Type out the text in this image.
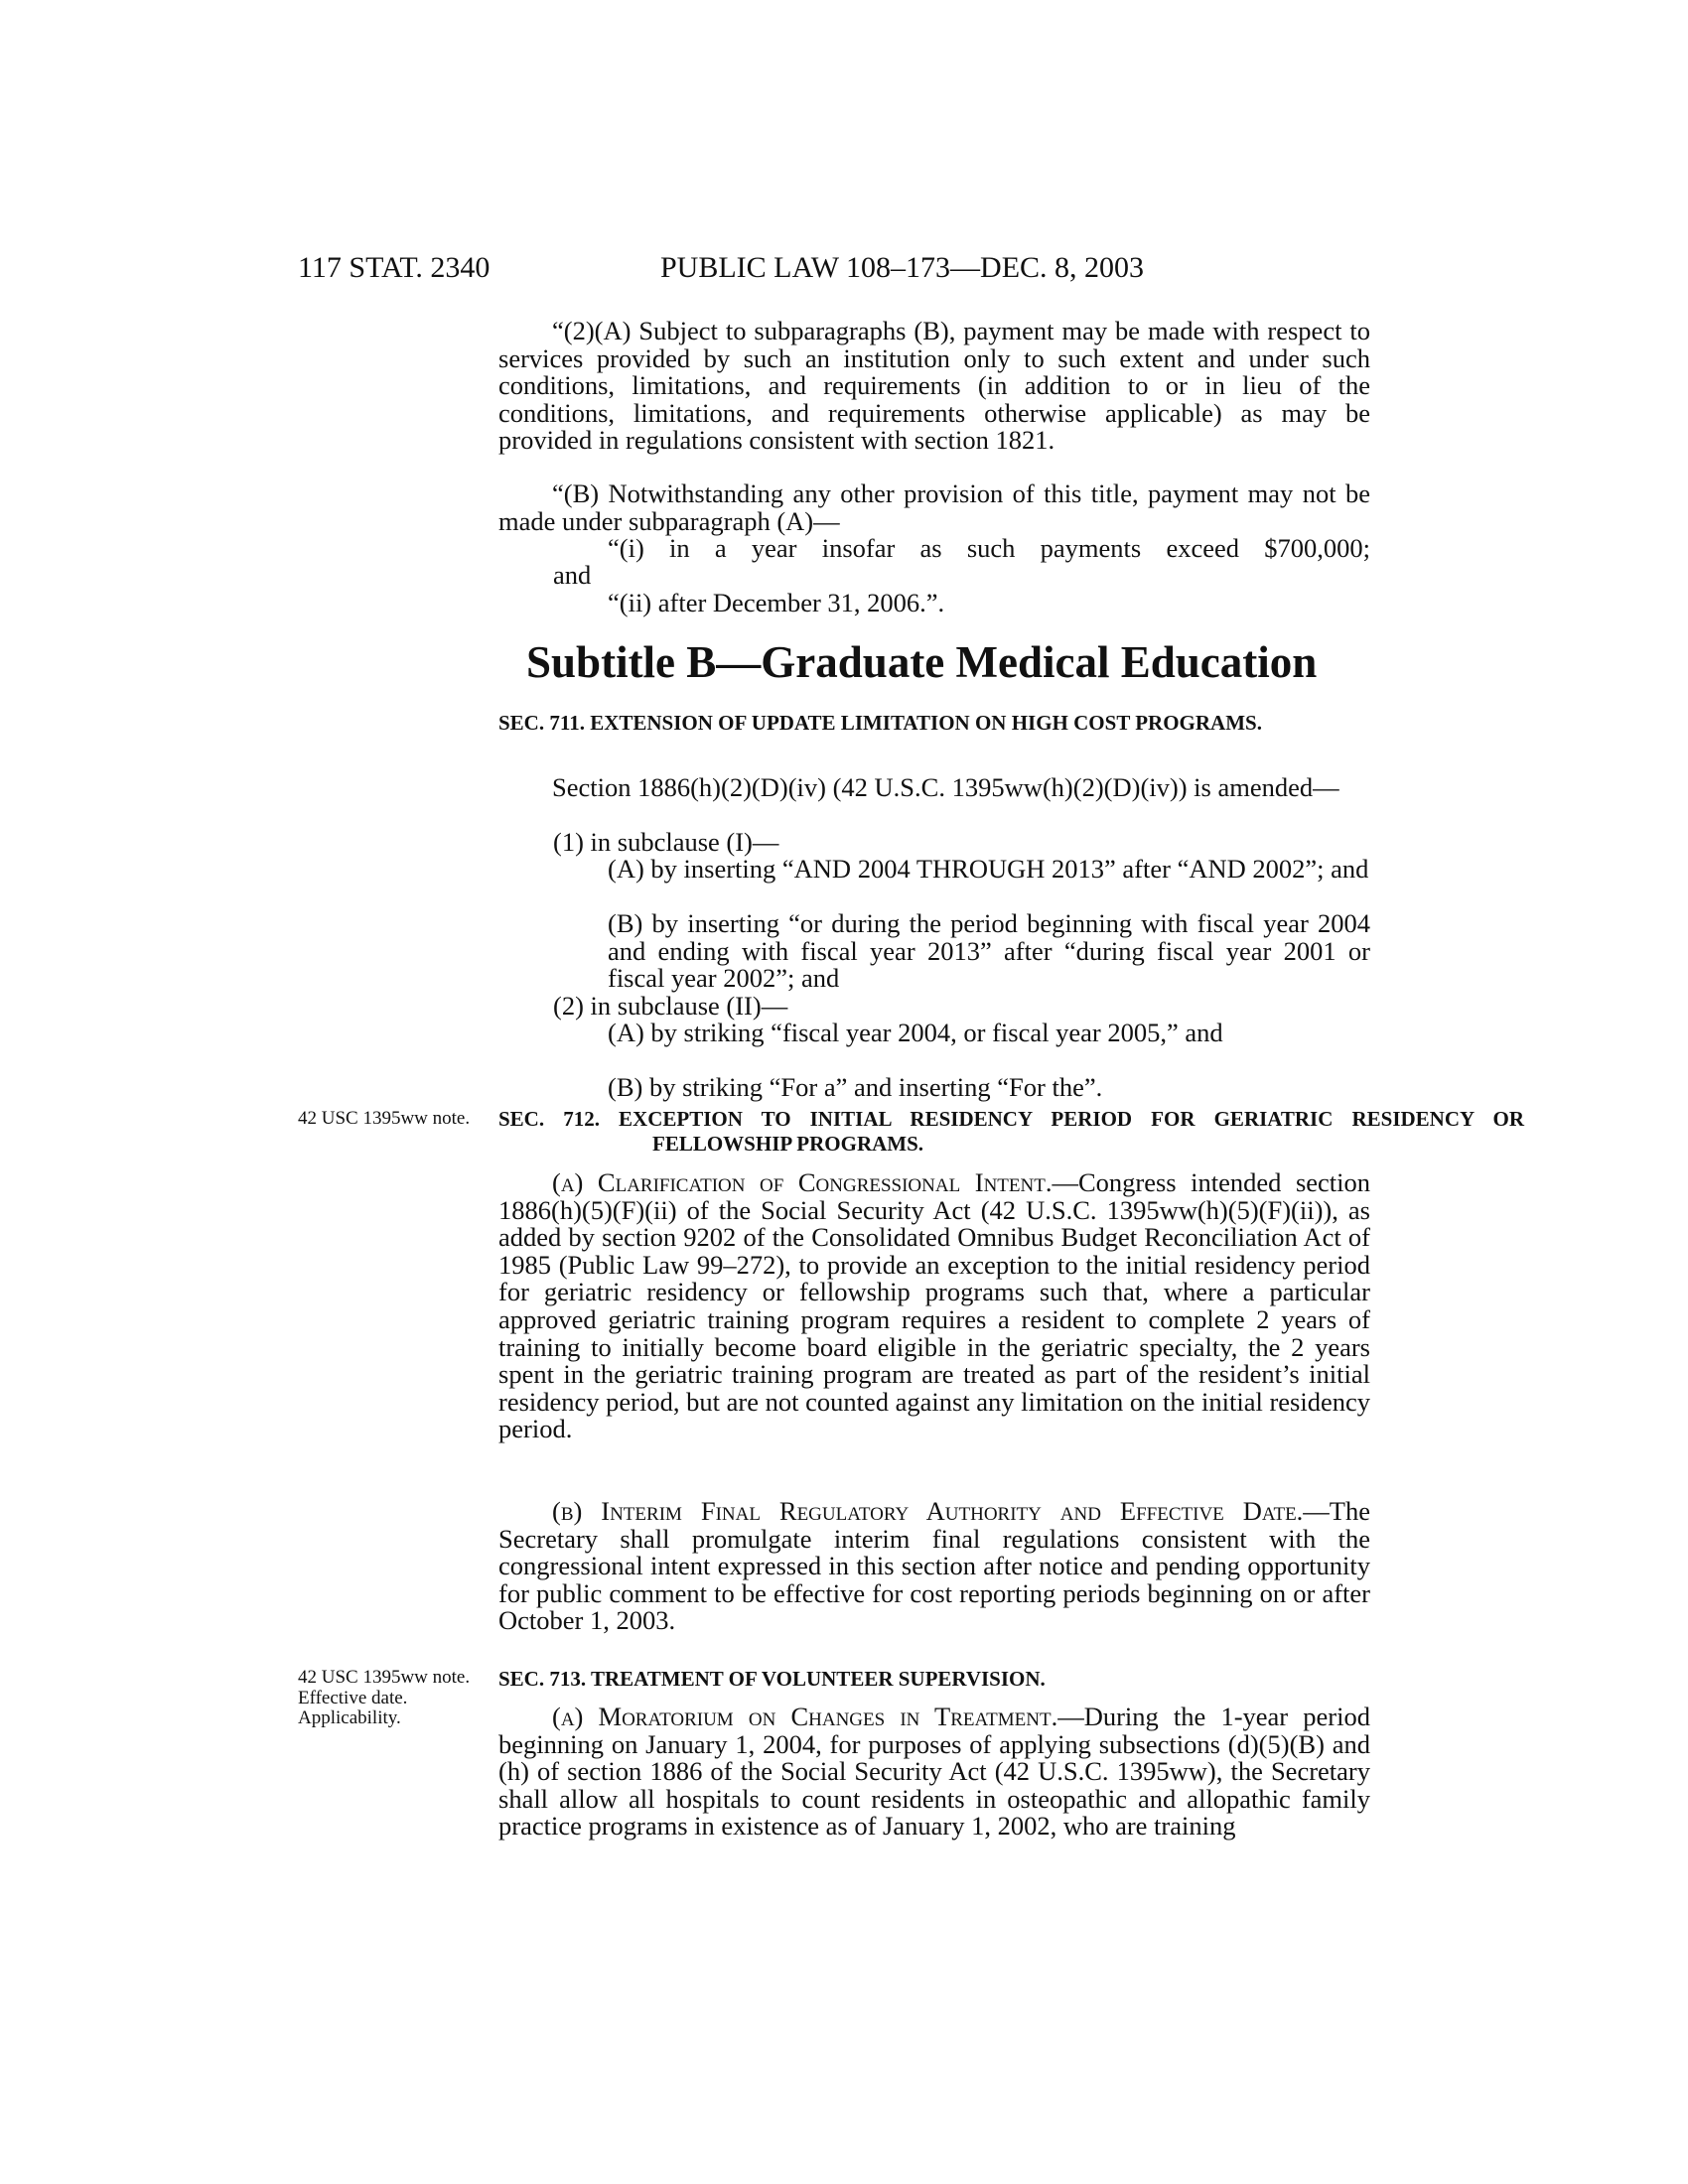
117 STAT. 2340	PUBLIC LAW 108–173—DEC. 8, 2003

“(2)(A) Subject to subparagraphs (B), payment may be made with respect to services provided by such an institution only to such extent and under such conditions, limitations, and requirements (in addition to or in lieu of the conditions, limitations, and requirements otherwise applicable) as may be provided in regulations consistent with section 1821.

“(B) Notwithstanding any other provision of this title, payment may not be made under subparagraph (A)—

“(i) in a year insofar as such payments exceed $700,000;

and

“(ii) after December 31, 2006.”.

Subtitle B—Graduate Medical Education
SEC. 711. EXTENSION OF UPDATE LIMITATION ON HIGH COST PROGRAMS.

Section 1886(h)(2)(D)(iv) (42 U.S.C. 1395ww(h)(2)(D)(iv)) is amended—

(1) in subclause (I)—

(A) by inserting “AND 2004 THROUGH 2013” after “AND 2002”; and

(B) by inserting “or during the period beginning with fiscal year 2004 and ending with fiscal year 2013” after “during fiscal year 2001 or fiscal year 2002”; and

(2) in subclause (II)—

(A) by striking “fiscal year 2004, or fiscal year 2005,” and

(B) by striking “For a” and inserting “For the”.

42 USC 1395ww note.	SEC. 712. EXCEPTION TO INITIAL RESIDENCY PERIOD FOR GERIATRIC RESIDENCY OR FELLOWSHIP PROGRAMS.

(a) Clarification of Congressional Intent.—Congress intended section 1886(h)(5)(F)(ii) of the Social Security Act (42 U.S.C. 1395ww(h)(5)(F)(ii)), as added by section 9202 of the Consolidated Omnibus Budget Reconciliation Act of 1985 (Public Law 99–272), to provide an exception to the initial residency period for geriatric residency or fellowship programs such that, where a particular approved geriatric training program requires a resident to complete 2 years of training to initially become board eligible in the geriatric specialty, the 2 years spent in the geriatric training program are treated as part of the resident’s initial residency period, but are not counted against any limitation on the initial residency period.

(b) Interim Final Regulatory Authority and Effective Date.—The Secretary shall promulgate interim final regulations consistent with the congressional intent expressed in this section after notice and pending opportunity for public comment to be effective for cost reporting periods beginning on or after October 1, 2003.

42 USC 1395ww note.
Effective date.
Applicability.
SEC. 713. TREATMENT OF VOLUNTEER SUPERVISION.

(a) Moratorium on Changes in Treatment.—During the 1-year period beginning on January 1, 2004, for purposes of applying subsections (d)(5)(B) and (h) of section 1886 of the Social Security Act (42 U.S.C. 1395ww), the Secretary shall allow all hospitals to count residents in osteopathic and allopathic family practice programs in existence as of January 1, 2002, who are training
